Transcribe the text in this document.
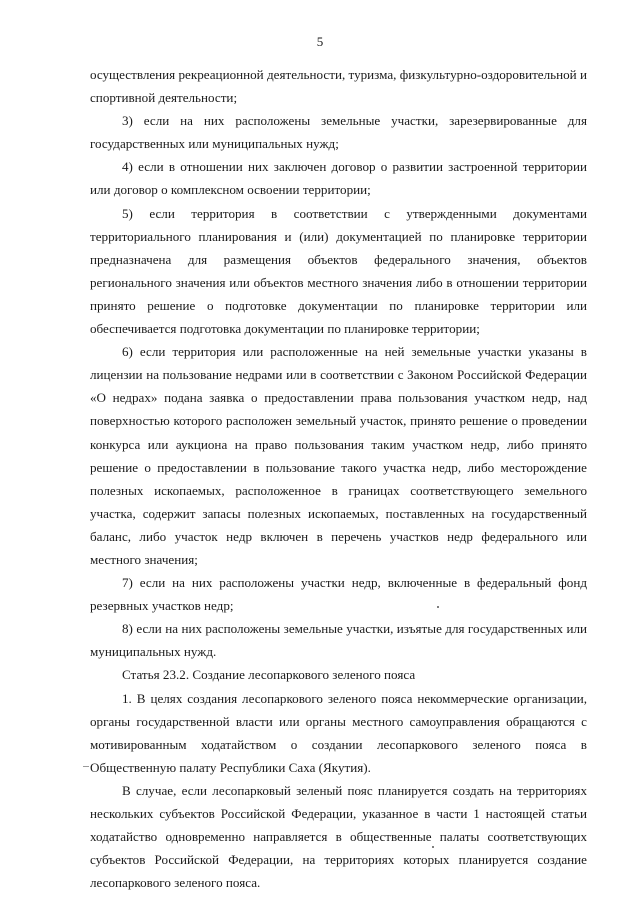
5

осуществления рекреационной деятельности, туризма, физкультурно-оздоровительной и спортивной деятельности;

3) если на них расположены земельные участки, зарезервированные для государственных или муниципальных нужд;

4) если в отношении них заключен договор о развитии застроенной территории или договор о комплексном освоении территории;

5) если территория в соответствии с утвержденными документами территориального планирования и (или) документацией по планировке территории предназначена для размещения объектов федерального значения, объектов регионального значения или объектов местного значения либо в отношении территории принято решение о подготовке документации по планировке территории или обеспечивается подготовка документации по планировке территории;

6) если территория или расположенные на ней земельные участки указаны в лицензии на пользование недрами или в соответствии с Законом Российской Федерации «О недрах» подана заявка о предоставлении права пользования участком недр, над поверхностью которого расположен земельный участок, принято решение о проведении конкурса или аукциона на право пользования таким участком недр, либо принято решение о предоставлении в пользование такого участка недр, либо месторождение полезных ископаемых, расположенное в границах соответствующего земельного участка, содержит запасы полезных ископаемых, поставленных на государственный баланс, либо участок недр включен в перечень участков недр федерального или местного значения;

7) если на них расположены участки недр, включенные в федеральный фонд резервных участков недр;

8) если на них расположены земельные участки, изъятые для государственных или муниципальных нужд.

Статья 23.2. Создание лесопаркового зеленого пояса

1. В целях создания лесопаркового зеленого пояса некоммерческие организации, органы государственной власти или органы местного самоуправления обращаются с мотивированным ходатайством о создании лесопаркового зеленого пояса в Общественную палату Республики Саха (Якутия).

В случае, если лесопарковый зеленый пояс планируется создать на территориях нескольких субъектов Российской Федерации, указанное в части 1 настоящей статьи ходатайство одновременно направляется в общественные палаты соответствующих субъектов Российской Федерации, на территориях которых планируется создание лесопаркового зеленого пояса.
